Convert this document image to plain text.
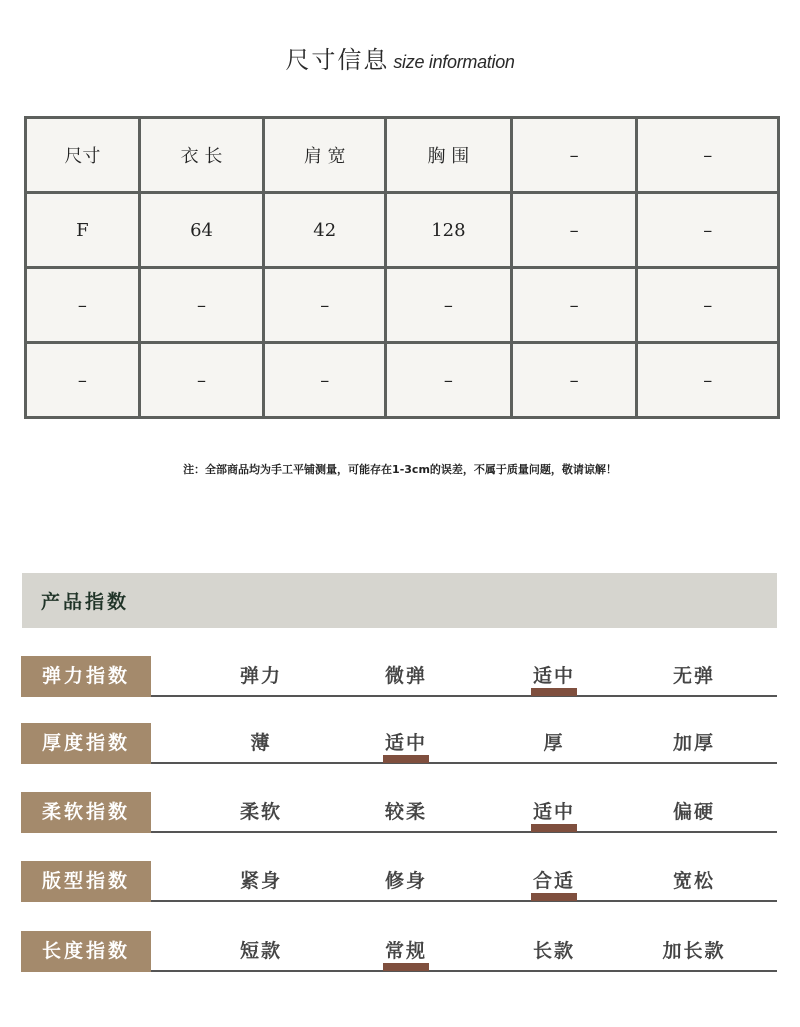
尺寸信息 size information
尺寸	衣 长	肩 宽	胸 围	–	–
F	64	42	128	–	–
–	–	–	–	–	–
–	–	–	–	–	–
注：全部商品均为手工平铺测量，可能存在1-3cm的误差，不属于质量问题，敬请谅解！
产品指数
弹力指数	弹力	微弹	适中	无弹
厚度指数	薄	适中	厚	加厚
柔软指数	柔软	较柔	适中	偏硬
版型指数	紧身	修身	合适	宽松
长度指数	短款	常规	长款	加长款
